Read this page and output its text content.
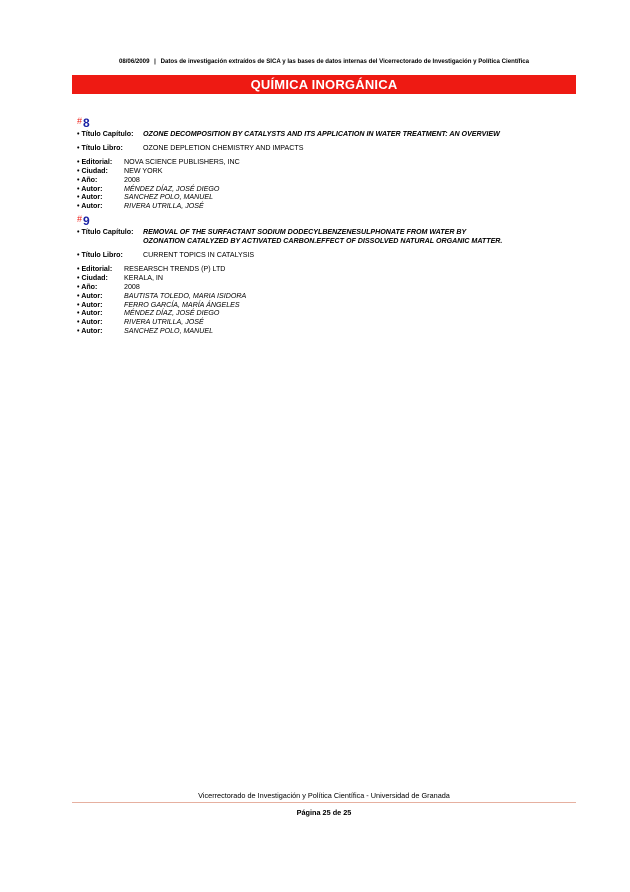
08/06/2009 | Datos de investigación extraídos de SICA y las bases de datos internas del Vicerrectorado de Investigación y Política Científica
QUÍMICA INORGÁNICA
#8
• Título Capítulo: OZONE DECOMPOSITION BY CATALYSTS AND ITS APPLICATION IN WATER TREATMENT: AN OVERVIEW
• Título Libro:	OZONE DEPLETION CHEMISTRY AND IMPACTS
• Editorial: NOVA SCIENCE PUBLISHERS, INC
• Ciudad: NEW YORK
• Año:	2008
• Autor:	MÉNDEZ DÍAZ, JOSÉ DIEGO
• Autor:	SANCHEZ POLO, MANUEL
• Autor:	RIVERA UTRILLA, JOSÉ
#9
• Título Capítulo: REMOVAL OF THE SURFACTANT SODIUM DODECYLBENZENESULPHONATE FROM WATER BY
OZONATION CATALYZED BY ACTIVATED CARBON.EFFECT OF DISSOLVED NATURAL ORGANIC MATTER.
• Título Libro:	CURRENT TOPICS IN CATALYSIS
• Editorial: RESEARSCH TRENDS (P) LTD
• Ciudad: KERALA, IN
• Año:	2008
• Autor:	BAUTISTA TOLEDO, MARIA ISIDORA
• Autor:	FERRO GARCÍA, MARÍA ÁNGELES
• Autor:	MÉNDEZ DÍAZ, JOSÉ DIEGO
• Autor:	RIVERA UTRILLA, JOSÉ
• Autor:	SANCHEZ POLO, MANUEL
Vicerrectorado de Investigación y Política Científica - Universidad de Granada
Página 25 de 25
